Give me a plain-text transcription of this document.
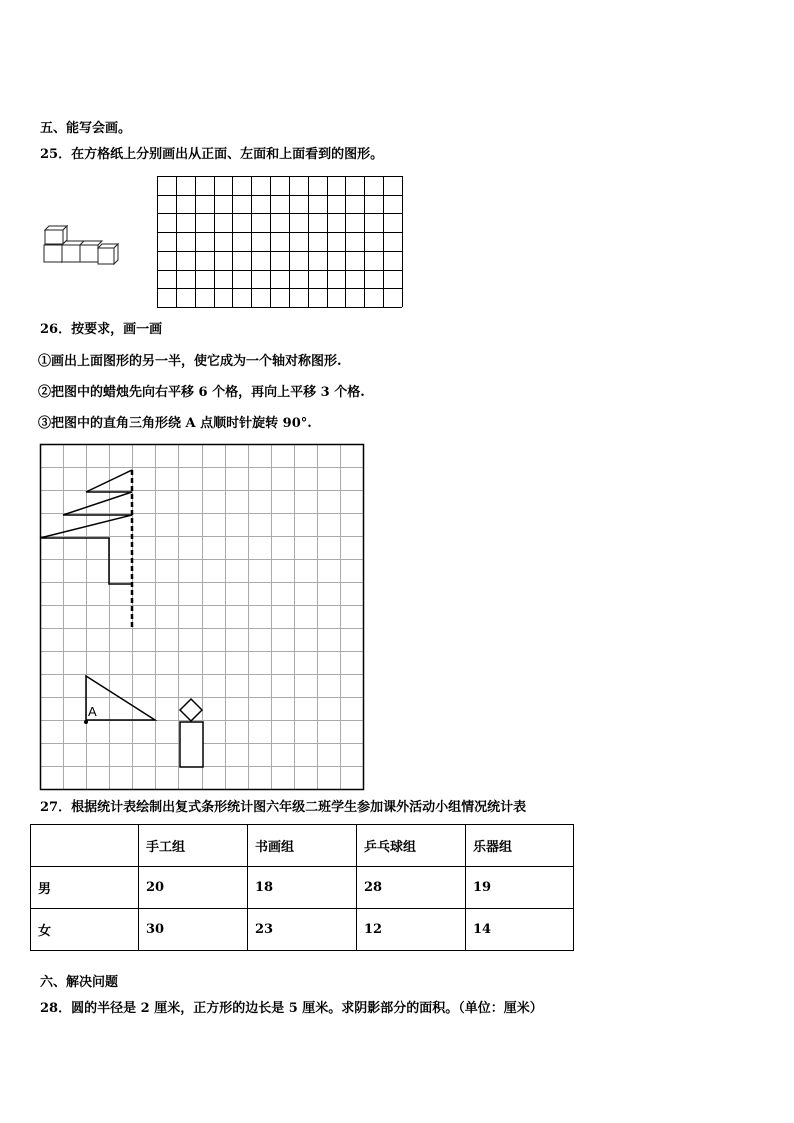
五、能写会画。
25．在方格纸上分别画出从正面、左面和上面看到的图形。
26．按要求，画一画
①画出上面图形的另一半，使它成为一个轴对称图形.
②把图中的蜡烛先向右平移 6 个格，再向上平移 3 个格.
③把图中的直角三角形绕 A 点顺时针旋转 90°.
A
27．根据统计表绘制出复式条形统计图六年级二班学生参加课外活动小组情况统计表
	手工组	书画组	乒乓球组	乐器组
男	20	18	28	19
女	30	23	12	14
六、解决问题
28．圆的半径是 2 厘米，正方形的边长是 5 厘米。求阴影部分的面积。（单位：厘米）
